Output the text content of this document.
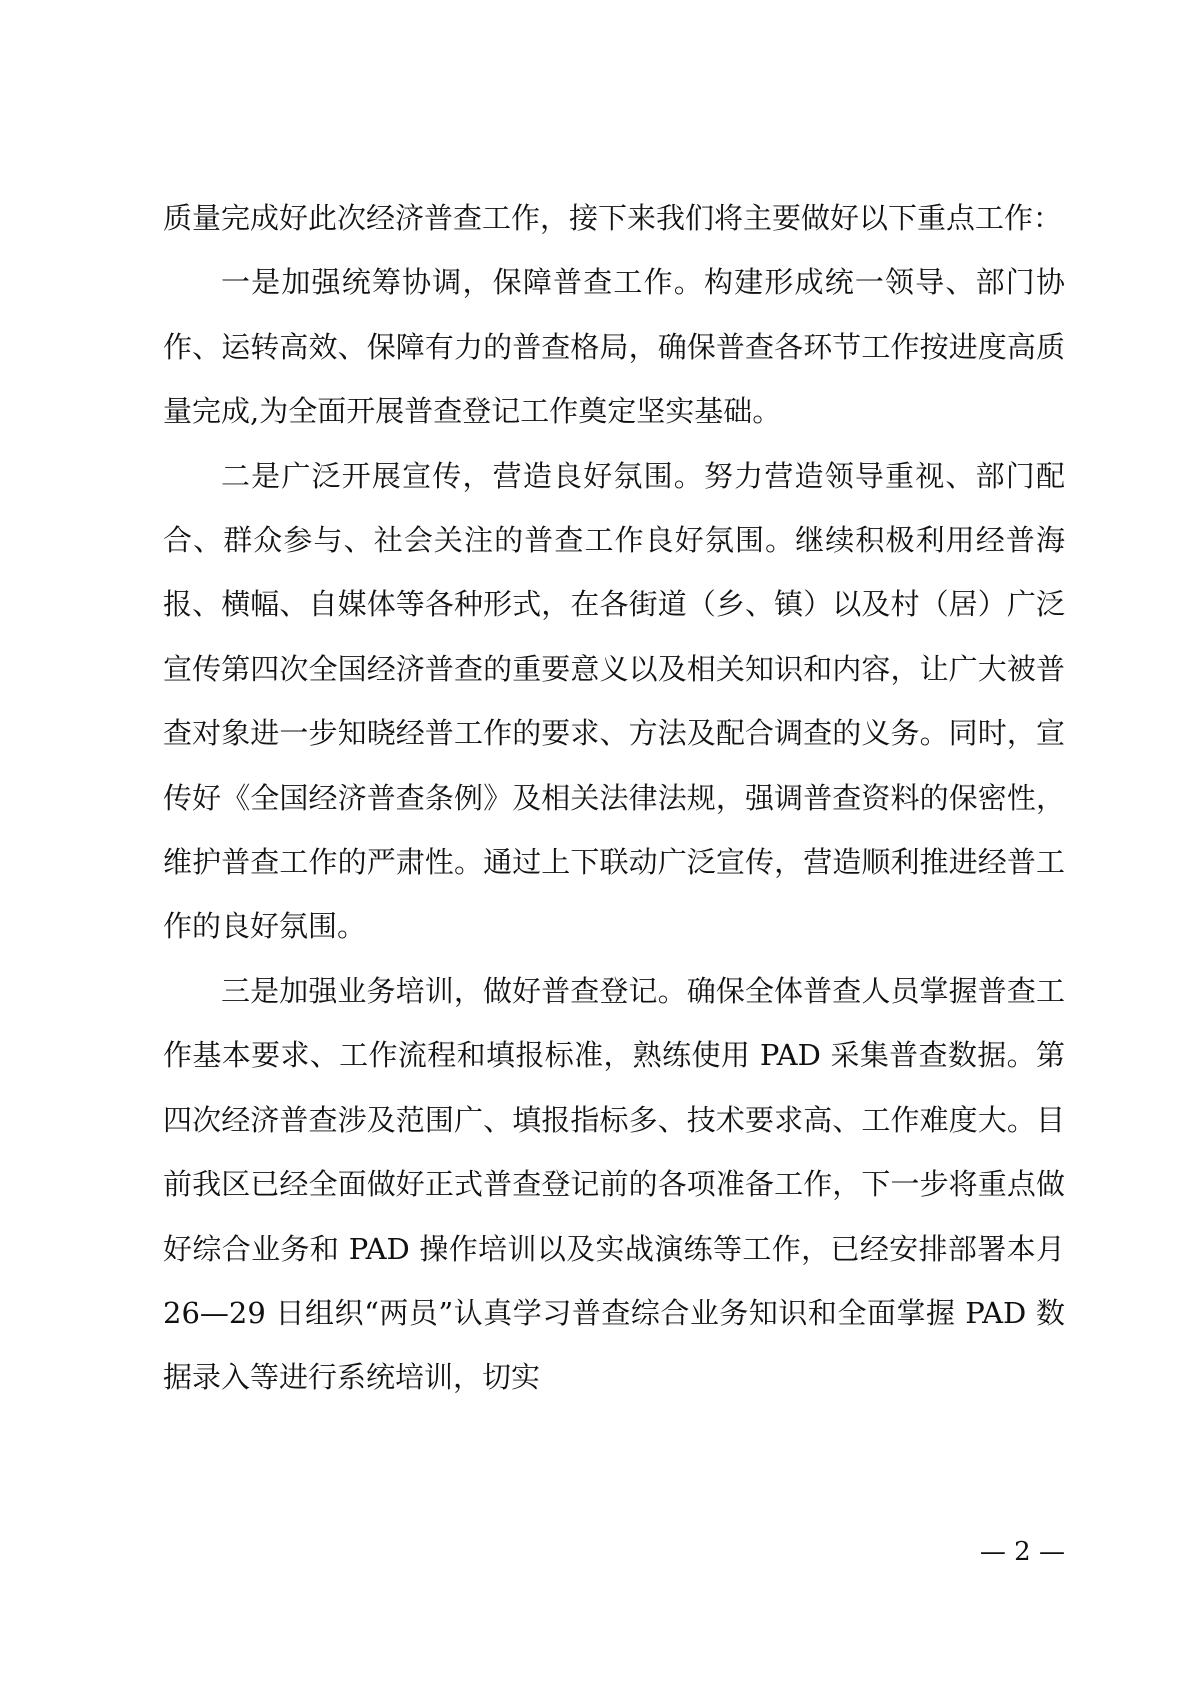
质量完成好此次经济普查工作，接下来我们将主要做好以下重点工作：

一是加强统筹协调，保障普查工作。构建形成统一领导、部门协作、运转高效、保障有力的普查格局，确保普查各环节工作按进度高质量完成,为全面开展普查登记工作奠定坚实基础。

二是广泛开展宣传，营造良好氛围。努力营造领导重视、部门配合、群众参与、社会关注的普查工作良好氛围。继续积极利用经普海报、横幅、自媒体等各种形式，在各街道（乡、镇）以及村（居）广泛宣传第四次全国经济普查的重要意义以及相关知识和内容，让广大被普查对象进一步知晓经普工作的要求、方法及配合调查的义务。同时，宣传好《全国经济普查条例》及相关法律法规，强调普查资料的保密性，维护普查工作的严肃性。通过上下联动广泛宣传，营造顺利推进经普工作的良好氛围。

三是加强业务培训，做好普查登记。确保全体普查人员掌握普查工作基本要求、工作流程和填报标准，熟练使用 PAD 采集普查数据。第四次经济普查涉及范围广、填报指标多、技术要求高、工作难度大。目前我区已经全面做好正式普查登记前的各项准备工作，下一步将重点做好综合业务和 PAD 操作培训以及实战演练等工作，已经安排部署本月 26—29 日组织“两员”认真学习普查综合业务知识和全面掌握 PAD 数据录入等进行系统培训，切实

— 2 —
